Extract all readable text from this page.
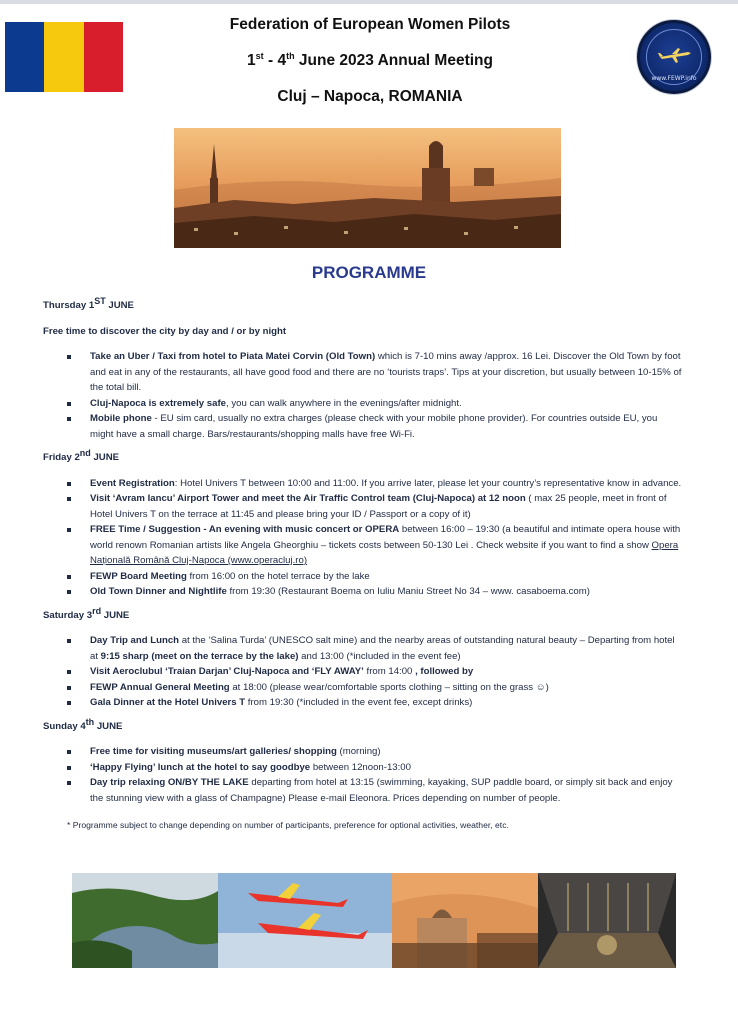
www.FEWP.info
Federation of European Women Pilots
1st - 4th June 2023 Annual Meeting
Cluj – Napoca, ROMANIA
PROGRAMME
Thursday 1ST JUNE
Free time to discover the city by day and / or by night
Take an Uber / Taxi from hotel to Piata Matei Corvin (Old Town) which is 7-10 mins away /approx. 16 Lei. Discover the Old Town by foot and eat in any of the restaurants, all have good food and there are no ‘tourists traps’. Tips at your discretion, but usually between 10-15% of the total bill.
Cluj-Napoca is extremely safe, you can walk anywhere in the evenings/after midnight.
Mobile phone - EU sim card, usually no extra charges (please check with your mobile phone provider). For countries outside EU, you might have a small charge. Bars/restaurants/shopping malls have free Wi-Fi.
Friday 2nd JUNE
Event Registration: Hotel Univers T between 10:00 and 11:00. If you arrive later, please let your country’s representative know in advance.
Visit ‘Avram Iancu’ Airport Tower and meet the Air Traffic Control team (Cluj-Napoca) at 12 noon ( max 25 people, meet in front of Hotel Univers T on the terrace at 11:45 and please bring your ID / Passport or a copy of it)
FREE Time / Suggestion - An evening with music concert or OPERA between 16:00 – 19:30 (a beautiful and intimate opera house with world renown Romanian artists like Angela Gheorghiu – tickets costs between 50-130 Lei . Check website if you want to find a show Opera Națională Română Cluj-Napoca (www.operacluj.ro)
FEWP Board Meeting from 16:00 on the hotel terrace by the lake
Old Town Dinner and Nightlife from 19:30 (Restaurant Boema on Iuliu Maniu Street No 34 – www. casaboema.com)
Saturday 3rd JUNE
Day Trip and Lunch at the ‘Salina Turda’ (UNESCO salt mine) and the nearby areas of outstanding natural beauty – Departing from hotel at 9:15 sharp (meet on the terrace by the lake) and 13:00 (*included in the event fee)
Visit Aeroclubul ‘Traian Darjan’ Cluj-Napoca and ‘FLY AWAY’ from 14:00 , followed by
FEWP Annual General Meeting at 18:00 (please wear/comfortable sports clothing – sitting on the grass ☺)
Gala Dinner at the Hotel Univers T from 19:30 (*included in the event fee, except drinks)
Sunday 4th JUNE
Free time for visiting museums/art galleries/ shopping (morning)
‘Happy Flying’ lunch at the hotel to say goodbye between 12noon-13:00
Day trip relaxing ON/BY THE LAKE departing from hotel at 13:15 (swimming, kayaking, SUP paddle board, or simply sit back and enjoy the stunning view with a glass of Champagne) Please e-mail Eleonora. Prices depending on number of people.
* Programme subject to change depending on number of participants, preference for optional activities, weather, etc.
